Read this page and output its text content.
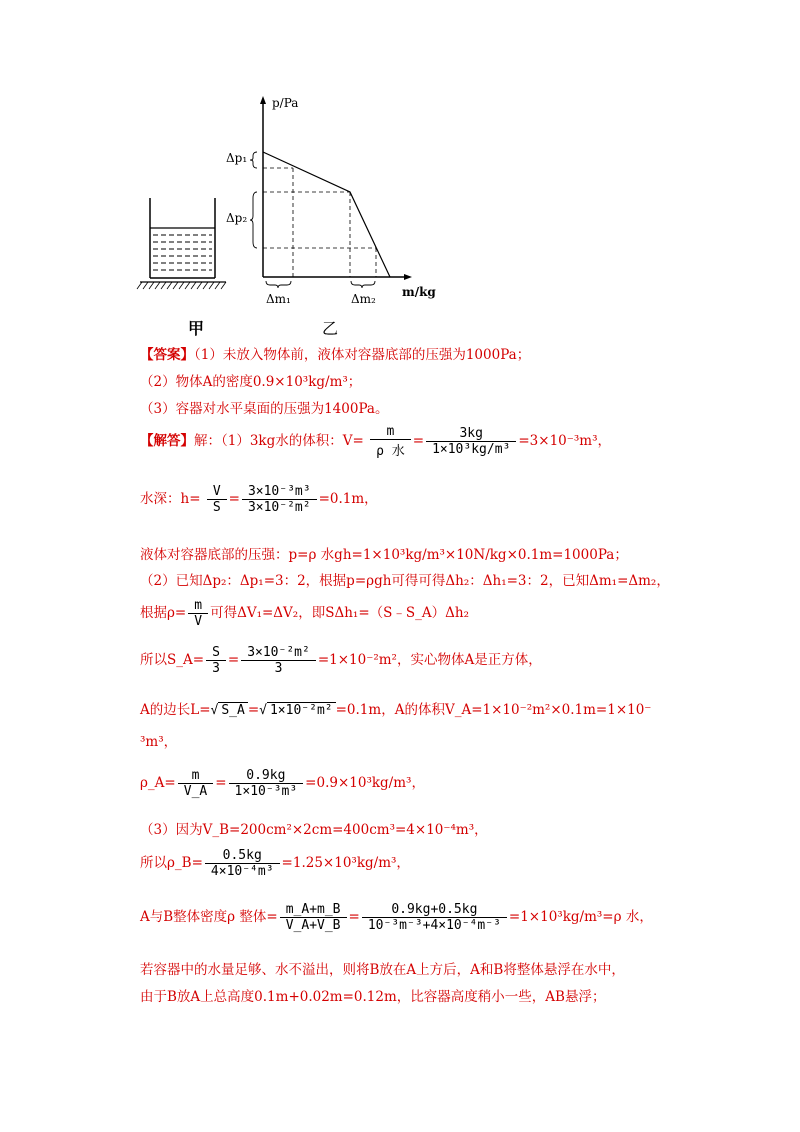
p/Pa
m/kg
Δp₁
Δp₂
Δm₁	Δm₂
甲	乙
【答案】（1）未放入物体前，液体对容器底部的压强为1000Pa；
（2）物体A的密度0.9×10³kg/m³；
（3）容器对水平桌面的压强为1400Pa。
【解答】解：（1）3kg水的体积：$V= \frac{m}{\text{ρ 水}} = \frac{3kg}{\text{1×10³kg/m³}} =3\times 10^{-3}m^3$，
水深：$h= \frac{V}{S} = \frac{\text{3×10⁻³m³}}{\text{3×10⁻²m²}} =0.1m$，
液体对容器底部的压强：p=ρ 水gh=1×10³kg/m³×10N/kg×0.1m=1000Pa；
（2）已知Δp₂：Δp₁=3：2，根据p=ρgh可得可得Δh₂：Δh₁=3：2，已知Δm₁=Δm₂，
根据$\rho= \frac{m}{V}$ 可得ΔV₁=ΔV₂，即SΔh₁=（S﹣S_A）Δh₂
所以S_A= $\frac{S}{3} = \frac{\text{3×10⁻²m²}}{3} =1\times 10^{-2}m^2$，实心物体A是正方体，
A的边长L=√ S_A =√ 1×10⁻²m² =0.1m，A的体积V_A=1×10⁻²m²×0.1m=1×10⁻
³m³，
ρ_A= $\frac{m}{V\_A} = \frac{0.9kg}{\text{1×10⁻³m³}} =0.9\times 10^3kg/m^3$，
（3）因为V_B=200cm²×2cm=400cm³=4×10⁻⁴m³，
所以ρ_B= $\frac{0.5kg}{\text{4×10⁻⁴m³}} =1.25\times 10^3kg/m^3$，
A与B整体密度ρ 整体= $\frac{m\_A+m\_B}{V\_A+V\_B} = \frac{0.9kg+0.5kg}{\text{10⁻³m⁻³+4×10⁻⁴m⁻³}} =1\times 10^3kg/m^3=\rho$ 水，
若容器中的水量足够、水不溢出，则将B放在A上方后，A和B将整体悬浮在水中，
由于B放A上总高度0.1m+0.02m=0.12m，比容器高度稍小一些，AB悬浮；
